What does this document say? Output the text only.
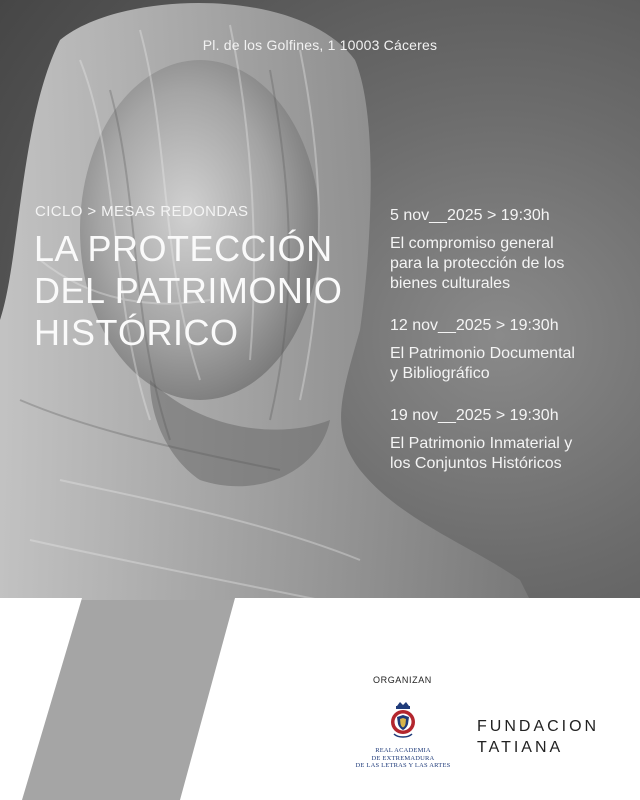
Pl. de los Golfines, 1 10003 Cáceres
CICLO > MESAS REDONDAS
LA PROTECCIÓN
DEL PATRIMONIO
HISTÓRICO
5 nov__2025 > 19:30h
El compromiso general
para la protección de los
bienes culturales
12 nov__2025 > 19:30h
El Patrimonio Documental
y Bibliográfico
19 nov__2025 > 19:30h
El Patrimonio Inmaterial y
los Conjuntos Históricos
ORGANIZAN
REAL ACADEMIA
DE EXTREMADURA
DE LAS LETRAS Y LAS ARTES
FUNDACION
TATIANA
